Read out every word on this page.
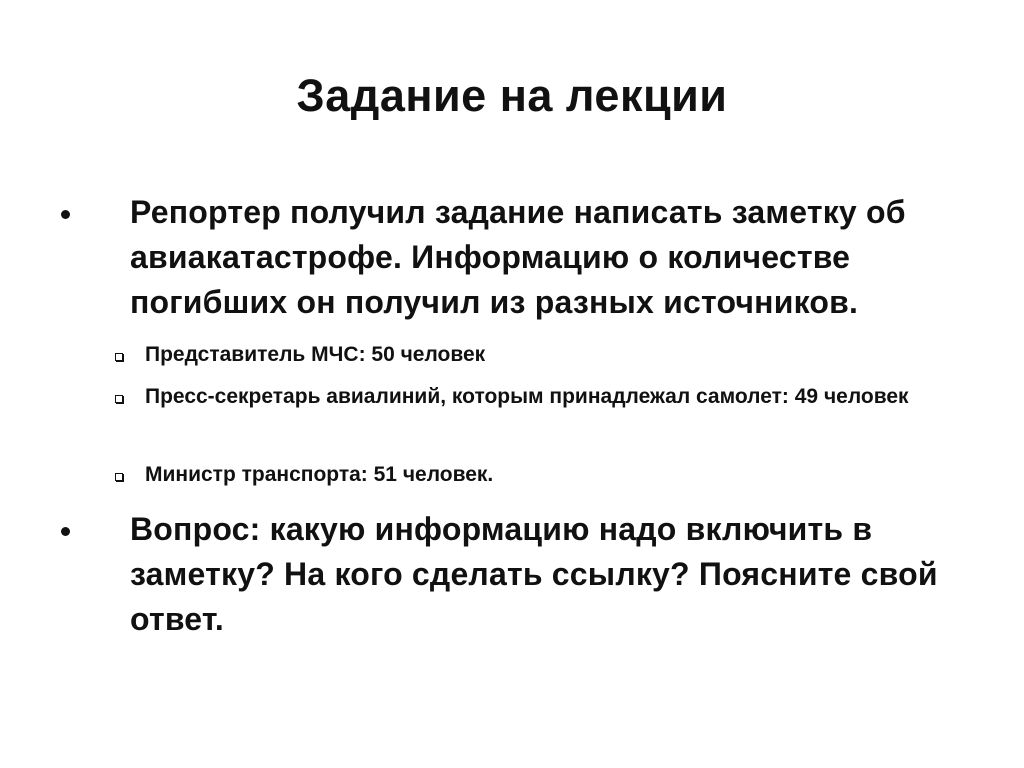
Задание на лекции
Репортер получил задание написать заметку об авиакатастрофе. Информацию о количестве погибших он получил из разных источников.
Представитель МЧС: 50 человек
Пресс-секретарь авиалиний, которым принадлежал самолет: 49 человек
Министр транспорта: 51 человек.
Вопрос: какую информацию надо включить в заметку? На кого сделать ссылку? Поясните свой ответ.
